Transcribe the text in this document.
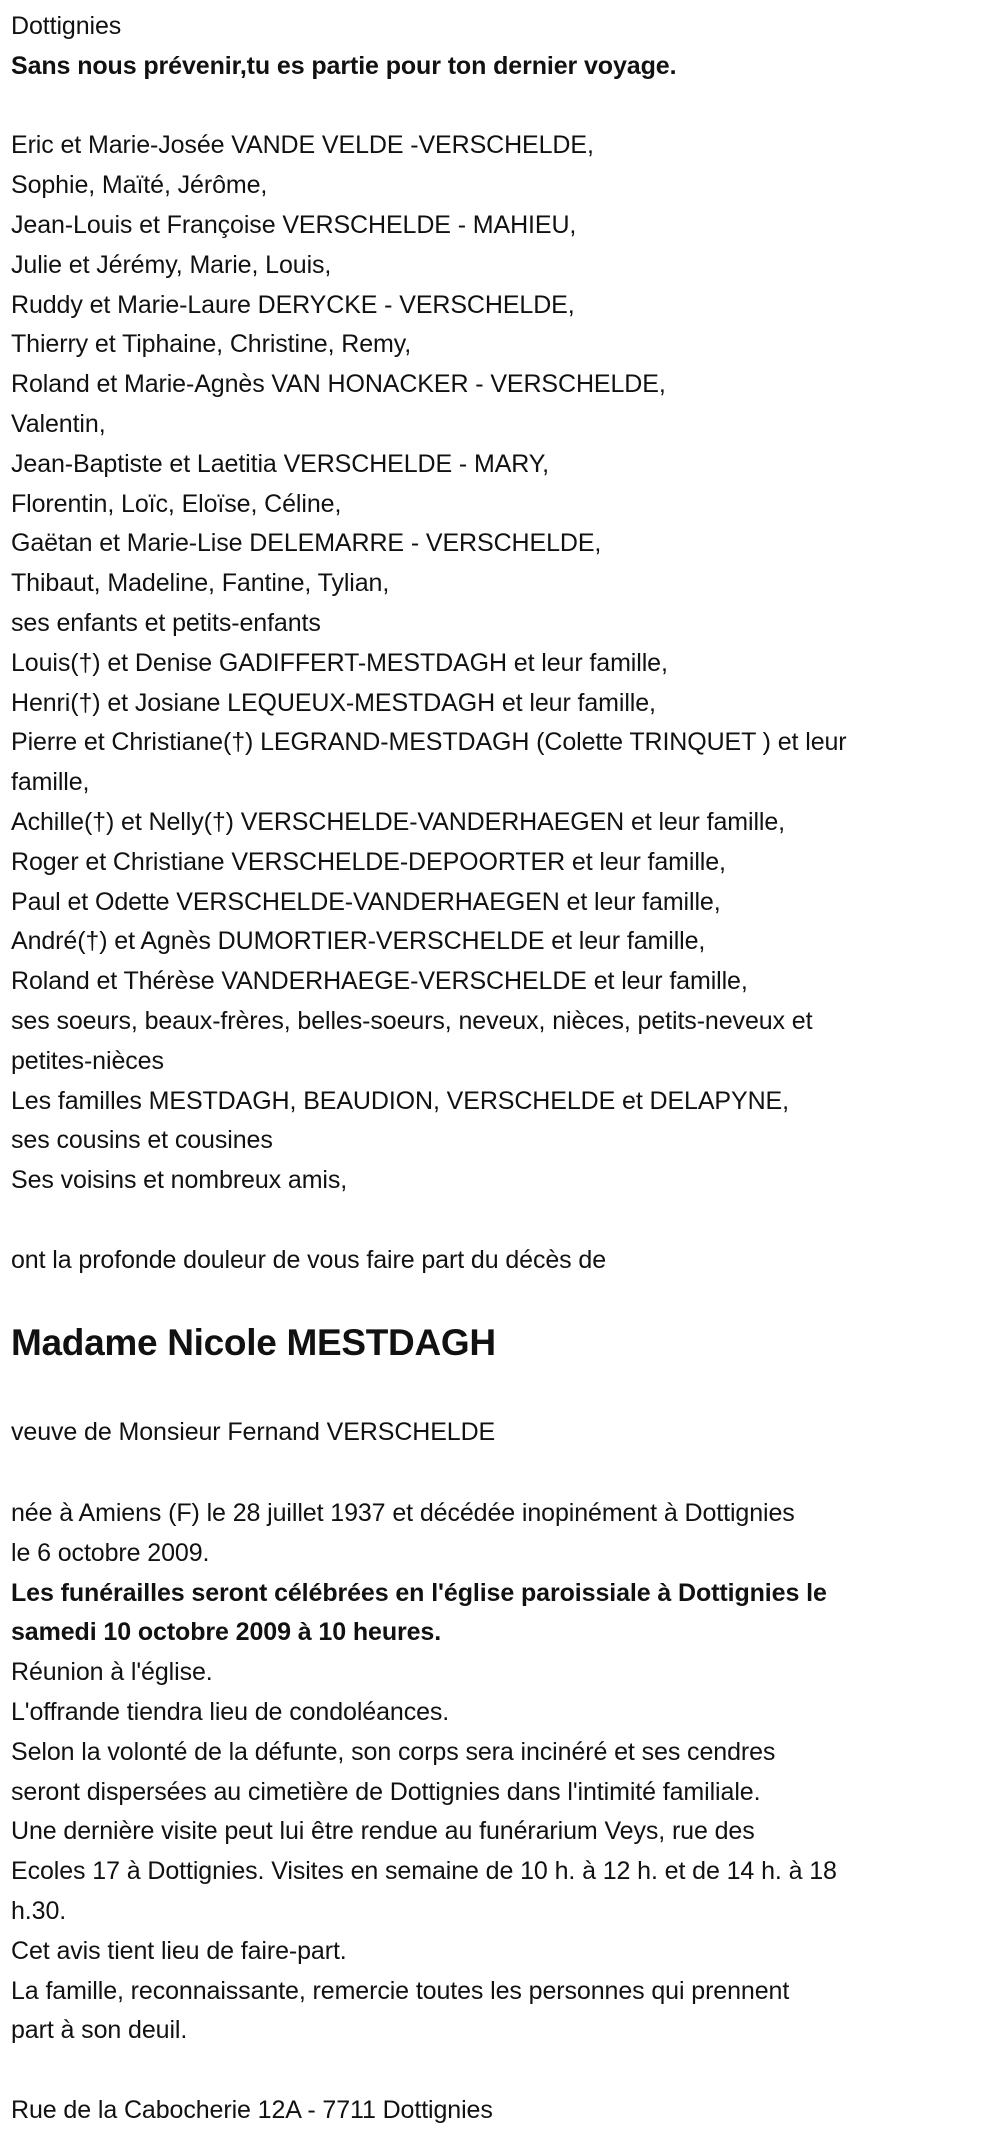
Dottignies
Sans nous prévenir,tu es partie pour ton dernier voyage.
Eric et Marie-Josée VANDE VELDE -VERSCHELDE,
Sophie, Maïté, Jérôme,
Jean-Louis et Françoise VERSCHELDE - MAHIEU,
Julie et Jérémy, Marie, Louis,
Ruddy et Marie-Laure DERYCKE - VERSCHELDE,
Thierry et Tiphaine, Christine, Remy,
Roland et Marie-Agnès VAN HONACKER - VERSCHELDE,
Valentin,
Jean-Baptiste et Laetitia VERSCHELDE - MARY,
Florentin, Loïc, Eloïse, Céline,
Gaëtan et Marie-Lise DELEMARRE - VERSCHELDE,
Thibaut, Madeline, Fantine, Tylian,
ses enfants et petits-enfants
Louis(†) et Denise GADIFFERT-MESTDAGH et leur famille,
Henri(†) et Josiane LEQUEUX-MESTDAGH et leur famille,
Pierre et Christiane(†) LEGRAND-MESTDAGH (Colette TRINQUET ) et leur
famille,
Achille(†) et Nelly(†) VERSCHELDE-VANDERHAEGEN et leur famille,
Roger et Christiane VERSCHELDE-DEPOORTER et leur famille,
Paul et Odette VERSCHELDE-VANDERHAEGEN et leur famille,
André(†) et Agnès DUMORTIER-VERSCHELDE et leur famille,
Roland et Thérèse VANDERHAEGE-VERSCHELDE et leur famille,
ses soeurs, beaux-frères, belles-soeurs, neveux, nièces, petits-neveux et
petites-nièces
Les familles MESTDAGH, BEAUDION, VERSCHELDE et DELAPYNE,
ses cousins et cousines
Ses voisins et nombreux amis,
ont la profonde douleur de vous faire part du décès de
Madame Nicole MESTDAGH
veuve de Monsieur Fernand VERSCHELDE
née à Amiens (F) le 28 juillet 1937 et décédée inopinément à Dottignies
le 6 octobre 2009.
Les funérailles seront célébrées en l'église paroissiale à Dottignies le
samedi 10 octobre 2009 à 10 heures.
Réunion à l'église.
L'offrande tiendra lieu de condoléances.
Selon la volonté de la défunte, son corps sera incinéré et ses cendres
seront dispersées au cimetière de Dottignies dans l'intimité familiale.
Une dernière visite peut lui être rendue au funérarium Veys, rue des
Ecoles 17 à Dottignies. Visites en semaine de 10 h. à 12 h. et de 14 h. à 18
h.30.
Cet avis tient lieu de faire-part.
La famille, reconnaissante, remercie toutes les personnes qui prennent
part à son deuil.
Rue de la Cabocherie 12A - 7711 Dottignies
